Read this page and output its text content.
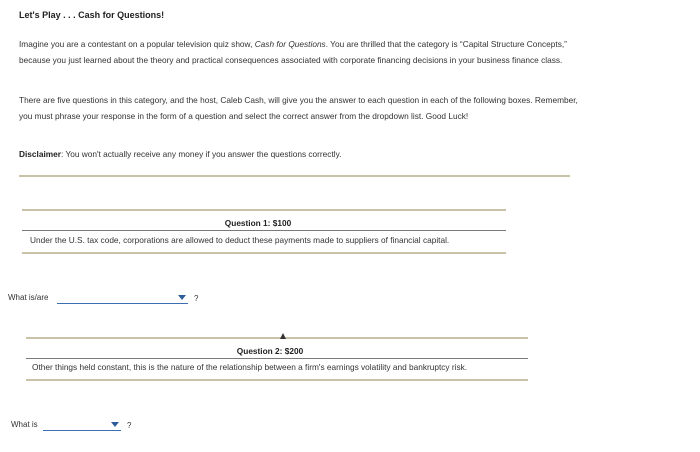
Let's Play . . . Cash for Questions!
Imagine you are a contestant on a popular television quiz show, Cash for Questions. You are thrilled that the category is “Capital Structure Concepts,” because you just learned about the theory and practical consequences associated with corporate financing decisions in your business finance class.
There are five questions in this category, and the host, Caleb Cash, will give you the answer to each question in each of the following boxes. Remember, you must phrase your response in the form of a question and select the correct answer from the dropdown list. Good Luck!
Disclaimer: You won't actually receive any money if you answer the questions correctly.
Question 1: $100
Under the U.S. tax code, corporations are allowed to deduct these payments made to suppliers of financial capital.
What is/are	?
Question 2: $200
Other things held constant, this is the nature of the relationship between a firm's earnings volatility and bankruptcy risk.
What is	?
